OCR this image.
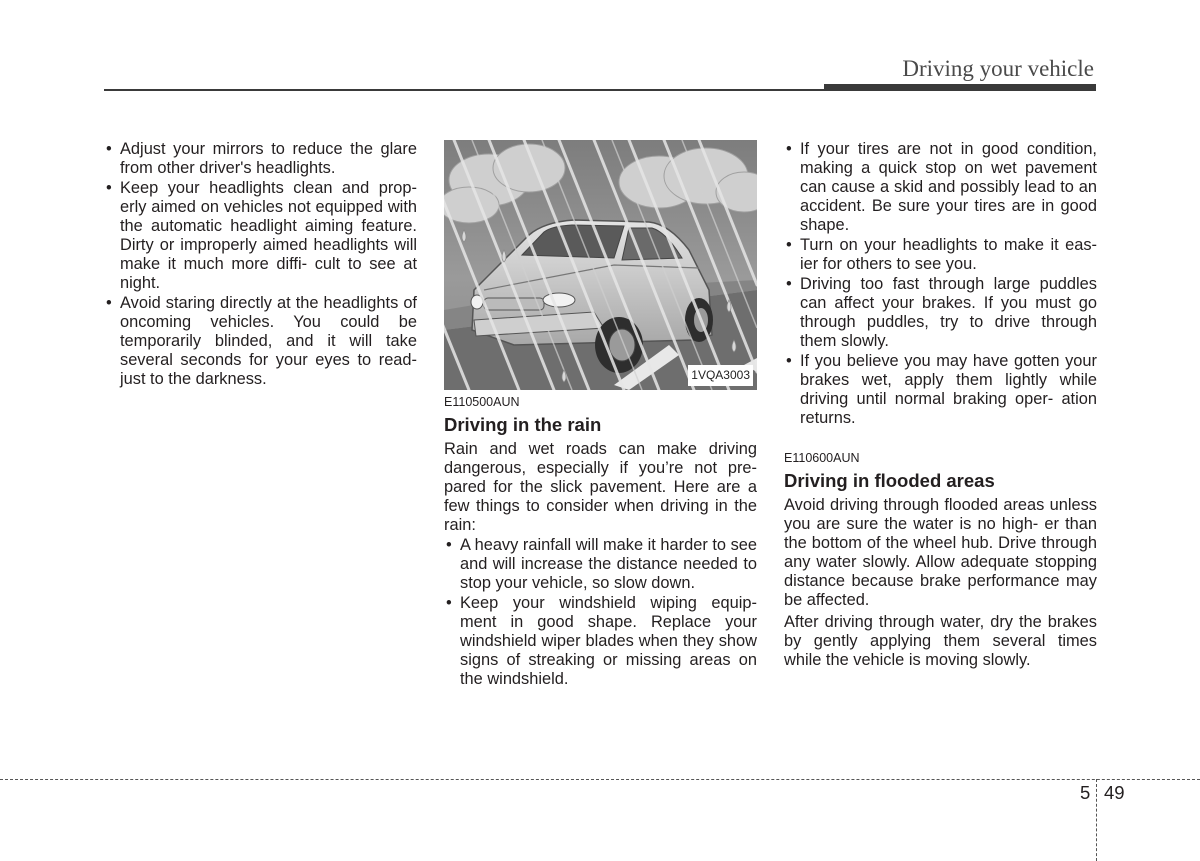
Driving your vehicle
• Adjust your mirrors to reduce the glare from other driver's headlights.
• Keep your headlights clean and prop- erly aimed on vehicles not equipped with the automatic headlight aiming feature. Dirty or improperly aimed headlights will make it much more diffi- cult to see at night.
• Avoid staring directly at the headlights of oncoming vehicles. You could be temporarily blinded, and it will take several seconds for your eyes to read- just to the darkness.	1VQA3003
E110500AUN
Driving in the rain

Rain and wet roads can make driving dangerous, especially if you’re not pre- pared for the slick pavement. Here are a few things to consider when driving in the rain:

• A heavy rainfall will make it harder to see and will increase the distance needed to stop your vehicle, so slow down.
• Keep your windshield wiping equip- ment in good shape. Replace your windshield wiper blades when they show signs of streaking or missing areas on the windshield.
• If your tires are not in good condition, making a quick stop on wet pavement can cause a skid and possibly lead to an accident. Be sure your tires are in good shape.
• Turn on your headlights to make it eas- ier for others to see you.
• Driving too fast through large puddles can affect your brakes. If you must go through puddles, try to drive through them slowly.
• If you believe you may have gotten your brakes wet, apply them lightly while driving until normal braking oper- ation returns.
E110600AUN
Driving in flooded areas

Avoid driving through flooded areas unless you are sure the water is no high- er than the bottom of the wheel hub. Drive through any water slowly. Allow adequate stopping distance because brake performance may be affected.

After driving through water, dry the brakes by gently applying them several times while the vehicle is moving slowly.

5 49
